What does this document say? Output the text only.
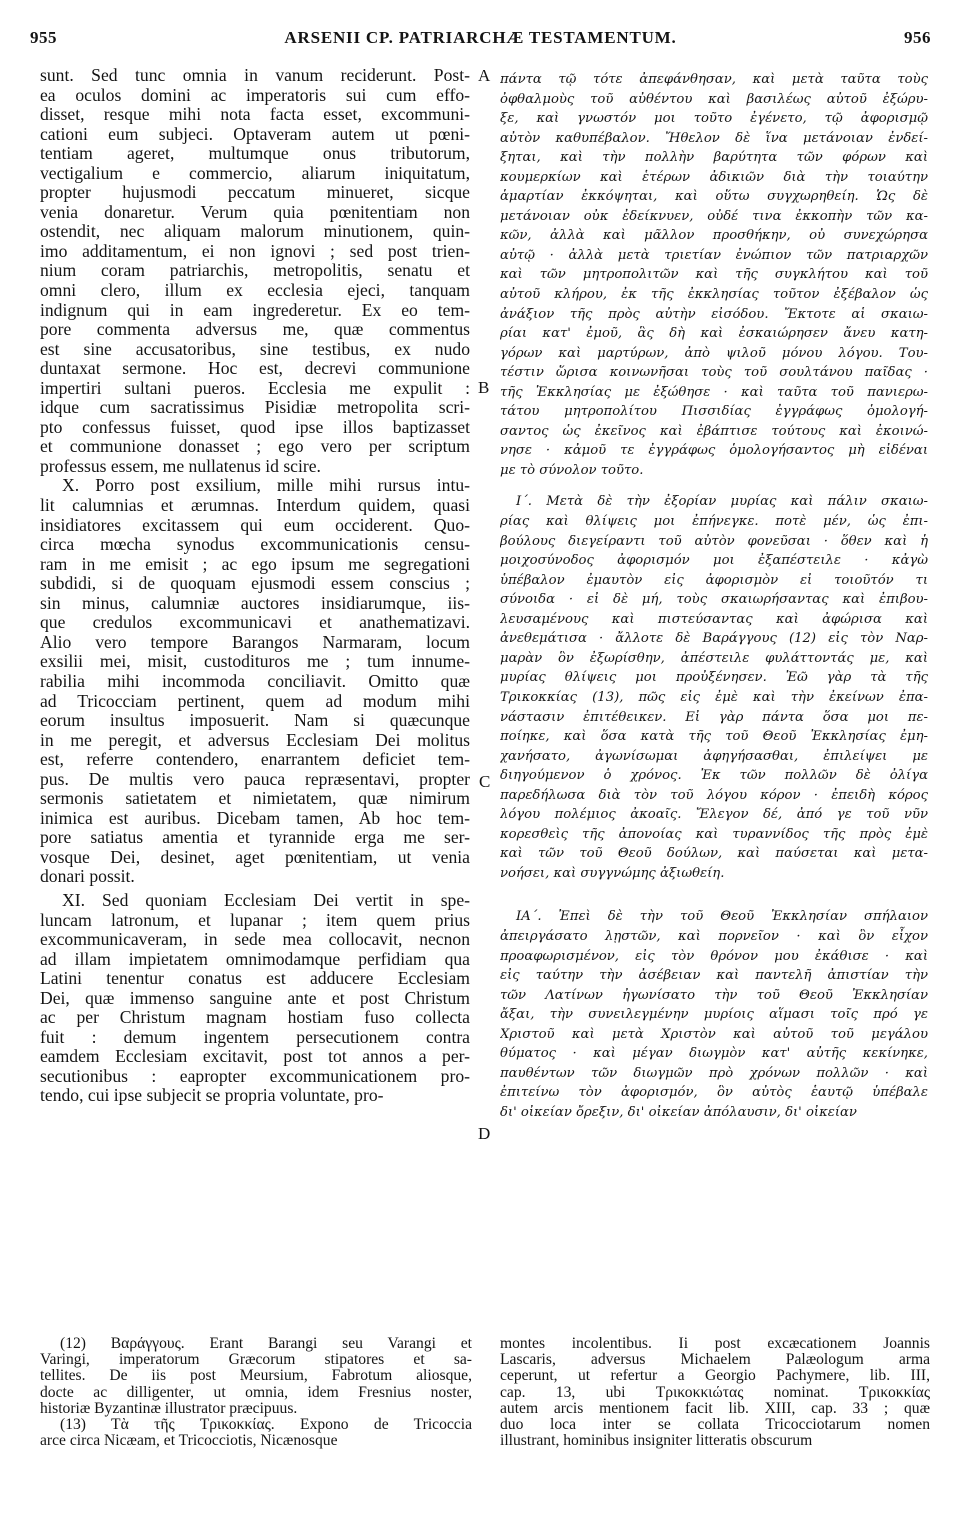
955	ARSENII CP. PATRIARCHÆ TESTAMENTUM.	956

sunt. Sed tunc omnia in vanum reciderunt. Post-

ea oculos domini ac imperatoris sui cum effo-

disset, resque mihi nota facta esset, excommuni-

cationi eum subjeci. Optaveram autem ut pœni-

tentiam ageret, multumque onus tributorum,

vectigalium e commercio, aliarum iniquitatum,

propter hujusmodi peccatum minueret, sicque

venia donaretur. Verum quia pœnitentiam non

ostendit, nec aliquam malorum minutionem, quin-

imo additamentum, ei non ignovi ; sed post trien-

nium coram patriarchis, metropolitis, senatu et

omni clero, illum ex ecclesia ejeci, tanquam

indignum qui in eam ingrederetur. Ex eo tem-

pore commenta adversus me, quæ commentus

est sine accusatoribus, sine testibus, ex nudo

duntaxat sermone. Hoc est, decrevi communione

impertiri sultani pueros. Ecclesia me expulit :

idque cum sacratissimus Pisidiæ metropolita scri-

pto confessus fuisset, quod ipse illos baptizasset

et communione donasset ; ego vero per scriptum

professus essem, me nullatenus id scire.

X. Porro post exsilium, mille mihi rursus intu-

lit calumnias et ærumnas. Interdum quidem, quasi

insidiatores excitassem qui eum occiderent. Quo-

circa mœcha synodus excommunicationis censu-

ram in me emisit ; ac ego ipsum me segregationi

subdidi, si de quoquam ejusmodi essem conscius ;

sin minus, calumniæ auctores insidiarumque, iis-

que credulos excommunicavi et anathematizavi.

Alio vero tempore Barangos Narmaram, locum

exsilii mei, misit, custodituros me ; tum innume-

rabilia mihi incommoda conciliavit. Omitto quæ

ad Tricocciam pertinent, quem ad modum mihi

eorum insultus imposuerit. Nam si quæcunque

in me peregit, et adversus Ecclesiam Dei molitus

est, referre contendero, enarrantem deficiet tem-

pus. De multis vero pauca repræsentavi, propter

sermonis satietatem et nimietatem, quæ nimirum

inimica est auribus. Dicebam tamen, Ab hoc tem-

pore satiatus amentia et tyrannide erga me ser-

vosque Dei, desinet, aget pœnitentiam, ut venia

donari possit.

XI. Sed quoniam Ecclesiam Dei vertit in spe-

luncam latronum, et lupanar ; item quem prius

excommunicaveram, in sede mea collocavit, necnon

ad illam impietatem omnimodamque perfidiam qua

Latini tenentur conatus est adducere Ecclesiam

Dei, quæ immenso sanguine ante et post Christum

ac per Christum magnam hostiam fuso collecta

fuit : demum ingentem persecutionem contra

eamdem Ecclesiam excitavit, post tot annos a per-

secutionibus : eapropter excommunicationem pro-

tendo, cui ipse subjecit se propria voluntate, pro-

πάντα τῷ τότε ἀπεφάνθησαν, καὶ μετὰ ταῦτα τοὺς

ὀφθαλμοὺς τοῦ αὐθέντου καὶ βασιλέως αὐτοῦ ἐξώρυ-

ξε, καὶ γνωστόν μοι τοῦτο ἐγένετο, τῷ ἀφορισμῷ

αὐτὸν καθυπέβαλον. Ἤθελον δὲ ἵνα μετάνοιαν ἐνδεί-

ξηται, καὶ τὴν πολλὴν βαρύτητα τῶν φόρων καὶ

κουμερκίων καὶ ἑτέρων ἀδικιῶν διὰ τὴν τοιαύτην

ἁμαρτίαν ἐκκόψηται, καὶ οὕτω συγχωρηθείη. Ὡς δὲ

μετάνοιαν οὐκ ἐδείκνυεν, οὐδέ τινα ἐκκοπὴν τῶν κα-

κῶν, ἀλλὰ καὶ μᾶλλον προσθήκην, οὐ συνεχώρησα

αὐτῷ · ἀλλὰ μετὰ τριετίαν ἐνώπιον τῶν πατριαρχῶν

καὶ τῶν μητροπολιτῶν καὶ τῆς συγκλήτου καὶ τοῦ

αὐτοῦ κλήρου, ἐκ τῆς ἐκκλησίας τοῦτον ἐξέβαλον ὡς

ἀνάξιον τῆς πρὸς αὐτὴν εἰσόδου. Ἔκτοτε αἱ σκαιω-

ρίαι κατ' ἐμοῦ, ἃς δὴ καὶ ἐσκαιώρησεν ἄνευ κατη-

γόρων καὶ μαρτύρων, ἀπὸ ψιλοῦ μόνου λόγου. Του-

τέστιν ὥρισα κοινωνῆσαι τοὺς τοῦ σουλτάνου παῖδας ·

τῆς Ἐκκλησίας με ἐξώθησε · καὶ ταῦτα τοῦ πανιερω-

τάτου μητροπολίτου Πισσιδίας ἐγγράφως ὁμολογή-

σαντος ὡς ἐκεῖνος καὶ ἐβάπτισε τούτους καὶ ἐκοινώ-

νησε · κἀμοῦ τε ἐγγράφως ὁμολογήσαντος μὴ εἰδέναι

με τὸ σύνολον τοῦτο.

Ι΄. Μετὰ δὲ τὴν ἐξορίαν μυρίας καὶ πάλιν σκαιω-

ρίας καὶ θλίψεις μοι ἐπήνεγκε. ποτὲ μέν, ὡς ἐπι-

βούλους διεγείραντι τοῦ αὐτὸν φονεῦσαι · ὅθεν καὶ ἡ

μοιχοσύνοδος ἀφορισμόν μοι ἐξαπέστειλε · κἀγὼ

ὑπέβαλον ἐμαυτὸν εἰς ἀφορισμὸν εἰ τοιοῦτόν τι

σύνοιδα · εἰ δὲ μή, τοὺς σκαιωρήσαντας καὶ ἐπιβου-

λευσαμένους καὶ πιστεύσαντας καὶ ἀφώρισα καὶ

ἀνεθεμάτισα · ἄλλοτε δὲ Βαράγγους (12) εἰς τὸν Ναρ-

μαρὰν ὃν ἐξωρίσθην, ἀπέστειλε φυλάττοντάς με, καὶ

μυρίας θλίψεις μοι προὐξένησεν. Ἐῶ γὰρ τὰ τῆς

Τρικοκκίας (13), πῶς εἰς ἐμὲ καὶ τὴν ἐκείνων ἐπα-

νάστασιν ἐπιτέθεικεν. Εἰ γὰρ πάντα ὅσα μοι πε-

ποίηκε, καὶ ὅσα κατὰ τῆς τοῦ Θεοῦ Ἐκκλησίας ἐμη-

χανήσατο, ἀγωνίσωμαι ἀφηγήσασθαι, ἐπιλείψει με

διηγούμενον ὁ χρόνος. Ἐκ τῶν πολλῶν δὲ ὀλίγα

παρεδήλωσα διὰ τὸν τοῦ λόγου κόρον · ἐπειδὴ κόρος

λόγου πολέμιος ἀκοαῖς. Ἔλεγον δέ, ἀπό γε τοῦ νῦν

κορεσθεὶς τῆς ἀπονοίας καὶ τυραννίδος τῆς πρὸς ἐμὲ

καὶ τῶν τοῦ Θεοῦ δούλων, καὶ παύσεται καὶ μετα-

νοήσει, καὶ συγγνώμης ἀξιωθείη.

ΙΑ΄. Ἐπεὶ δὲ τὴν τοῦ Θεοῦ Ἐκκλησίαν σπήλαιον

ἀπειργάσατο λῃστῶν, καὶ πορνεῖον · καὶ ὃν εἶχον

προαφωρισμένον, εἰς τὸν θρόνον μου ἐκάθισε · καὶ

εἰς ταύτην τὴν ἀσέβειαν καὶ παντελῆ ἀπιστίαν τὴν

τῶν Λατίνων ἠγωνίσατο τὴν τοῦ Θεοῦ Ἐκκλησίαν

ἄξαι, τὴν συνειλεγμένην μυρίοις αἵμασι τοῖς πρό γε

Χριστοῦ καὶ μετὰ Χριστὸν καὶ αὐτοῦ τοῦ μεγάλου

θύματος · καὶ μέγαν διωγμὸν κατ' αὐτῆς κεκίνηκε,

παυθέντων τῶν διωγμῶν πρὸ χρόνων πολλῶν · καὶ

ἐπιτείνω τὸν ἀφορισμόν, ὃν αὐτὸς ἑαυτῷ ὑπέβαλε

δι' οἰκείαν ὄρεξιν, δι' οἰκείαν ἀπόλαυσιν, δι' οἰκείαν

A
B
C
D

(12) Βαράγγους. Erant Barangi seu Varangi et

Varingi, imperatorum Græcorum stipatores et sa-

tellites. De iis post Meursium, Fabrotum aliosque,

docte ac dilligenter, ut omnia, idem Fresnius noster,

historiæ Byzantinæ illustrator præcipuus.

(13) Τὰ τῆς Τρικοκκίας. Expono de Tricoccia

arce circa Nicæam, et Tricocciotis, Nicænosque

montes incolentibus. Ii post excæcationem Joannis

Lascaris, adversus Michaelem Palæologum arma

ceperunt, ut refertur a Georgio Pachymere, lib. III,

cap. 13, ubi Τρικοκκιώτας nominat. Τρικοκκίας

autem arcis mentionem facit lib. XIII, cap. 33 ; quæ

duo loca inter se collata Tricocciotarum nomen

illustrant, hominibus insigniter litteratis obscurum
